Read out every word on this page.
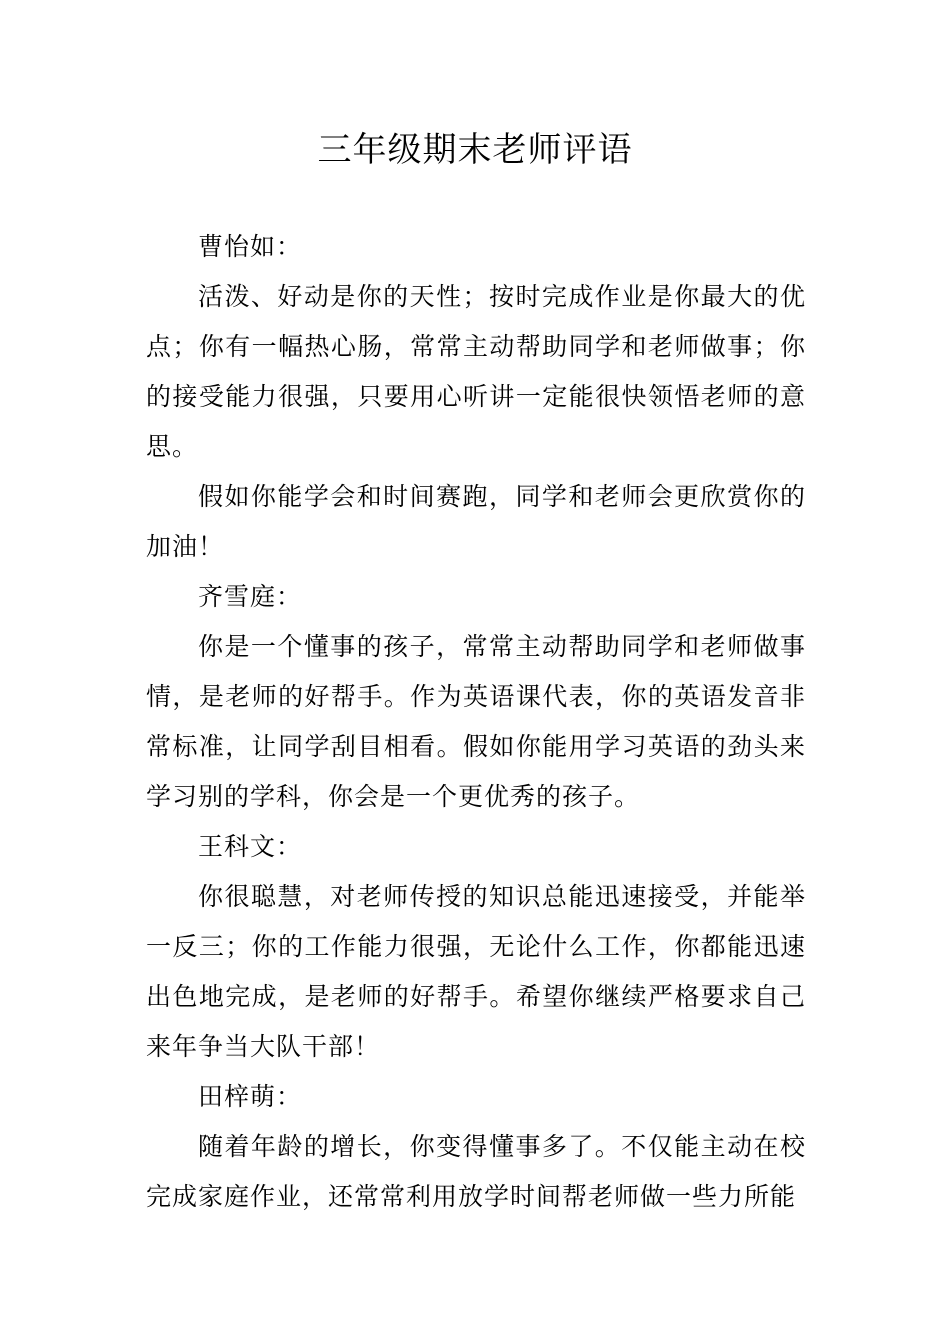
三年级期末老师评语

曹怡如：

活泼、好动是你的天性；按时完成作业是你最大的优点；你有一幅热心肠，常常主动帮助同学和老师做事；你的接受能力很强，只要用心听讲一定能很快领悟老师的意思。

假如你能学会和时间赛跑，同学和老师会更欣赏你的加油！

齐雪庭：

你是一个懂事的孩子，常常主动帮助同学和老师做事情，是老师的好帮手。作为英语课代表，你的英语发音非常标准，让同学刮目相看。假如你能用学习英语的劲头来学习别的学科，你会是一个更优秀的孩子。

王科文：

你很聪慧，对老师传授的知识总能迅速接受，并能举一反三；你的工作能力很强，无论什么工作，你都能迅速出色地完成，是老师的好帮手。希望你继续严格要求自己来年争当大队干部！

田梓萌：

随着年龄的增长，你变得懂事多了。不仅能主动在校完成家庭作业，还常常利用放学时间帮老师做一些力所能
